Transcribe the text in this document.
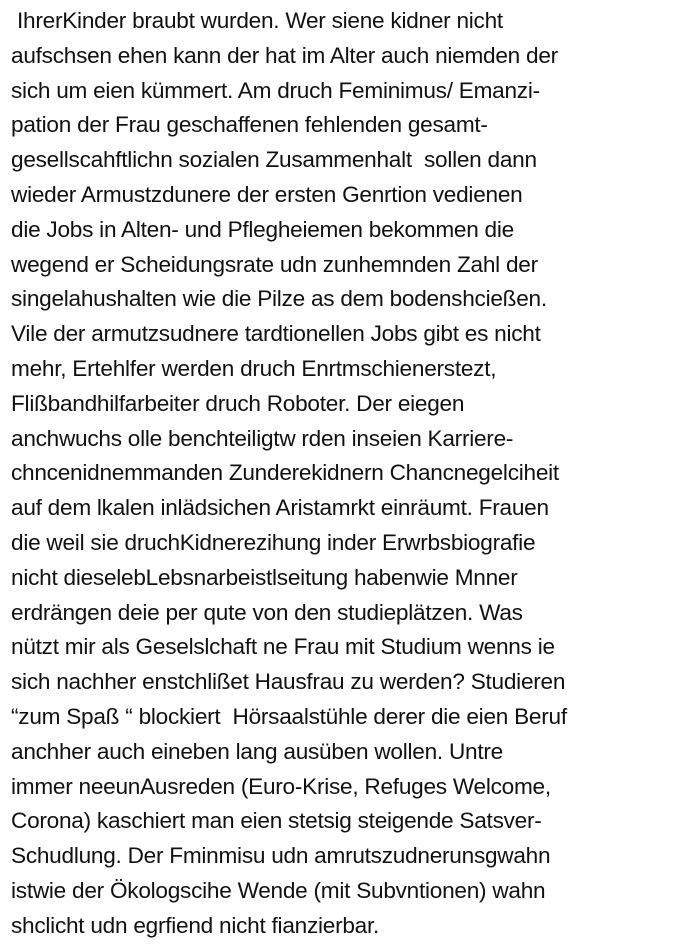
IhrerKinder braubt wurden. Wer siene kidner nicht
aufschsen ehen kann der hat im Alter auch niemden der
sich um eien kümmert. Am druch Feminimus/ Emanzi-
pation der Frau geschaffenen fehlenden gesamt-
gesellscahftlichn sozialen Zusammenhalt  sollen dann
wieder Armustzdunere der ersten Genrtion vedienen
die Jobs in Alten- und Pflegheiemen bekommen die
wegend er Scheidungsrate udn zunhemnden Zahl der
singelahushalten wie die Pilze as dem bodenshcießen.
Vile der armutzsudnere tardtionellen Jobs gibt es nicht
mehr, Ertehlfer werden druch Enrtmschienerstezt,
Flißbandhilfarbeiter druch Roboter. Der eiegen
anchwuchs olle benchteiligtw rden inseien Karriere-
chncenidnemmanden Zunderekidnern Chancnegelciheit
auf dem lkalen inlädsichen Aristamrkt einräumt. Frauen
die weil sie druchKidnerezihung inder Erwrbsbiografie
nicht dieselebLebsnarbeistlseitung habenwie Mnner
erdrängen deie per qute von den studieplätzen. Was
nützt mir als Geselslchaft ne Frau mit Studium wenns ie
sich nachher enstchlißet Hausfrau zu werden? Studieren
“zum Spaß “ blockiert  Hörsaalstühle derer die eien Beruf
anchher auch eineben lang ausüben wollen. Untre
immer neeunAusreden (Euro-Krise, Refuges Welcome,
Corona) kaschiert man eien stetsig steigende Satsver-
Schudlung. Der Fminmisu udn amrutszudnerunsgwahn
istwie der Ökologscihe Wende (mit Subvntionen) wahn
shclicht udn egrfiend nicht fianzierbar.
